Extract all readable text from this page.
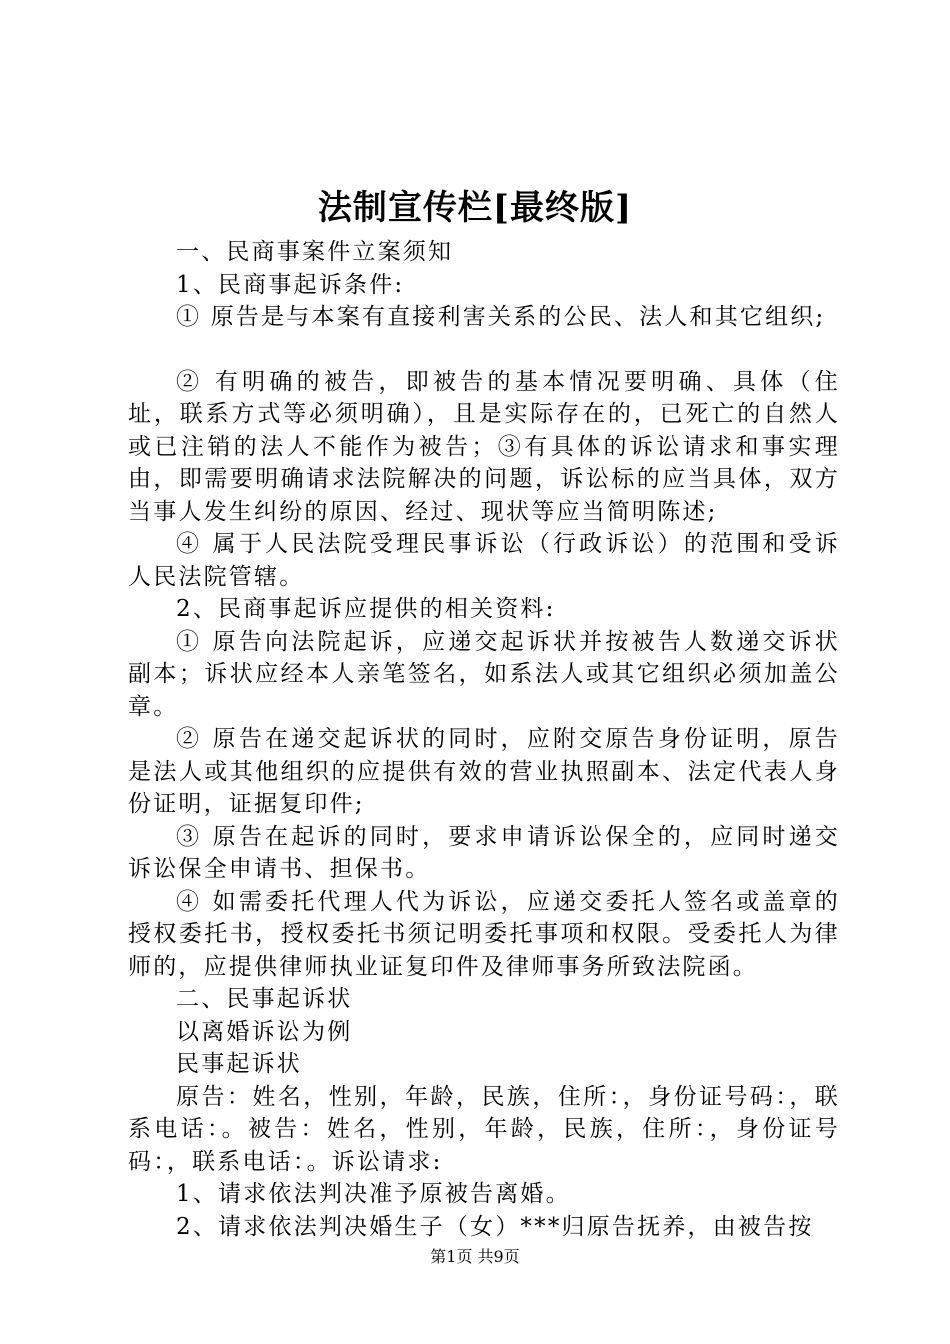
法制宣传栏[最终版]

一、民商事案件立案须知

1、民商事起诉条件:

① 原告是与本案有直接利害关系的公民、法人和其它组织;

② 有明确的被告，即被告的基本情况要明确、具体（住址，联系方式等必须明确），且是实际存在的，已死亡的自然人或已注销的法人不能作为被告；③有具体的诉讼请求和事实理由，即需要明确请求法院解决的问题，诉讼标的应当具体，双方当事人发生纠纷的原因、经过、现状等应当简明陈述;

④ 属于人民法院受理民事诉讼（行政诉讼）的范围和受诉人民法院管辖。

2、民商事起诉应提供的相关资料:

① 原告向法院起诉，应递交起诉状并按被告人数递交诉状副本；诉状应经本人亲笔签名，如系法人或其它组织必须加盖公章。

② 原告在递交起诉状的同时，应附交原告身份证明，原告是法人或其他组织的应提供有效的营业执照副本、法定代表人身份证明，证据复印件;

③ 原告在起诉的同时，要求申请诉讼保全的，应同时递交诉讼保全申请书、担保书。

④ 如需委托代理人代为诉讼，应递交委托人签名或盖章的授权委托书，授权委托书须记明委托事项和权限。受委托人为律师的，应提供律师执业证复印件及律师事务所致法院函。

二、民事起诉状

以离婚诉讼为例

民事起诉状

原告：姓名，性别，年龄，民族，住所：，身份证号码：，联系电话：。被告：姓名，性别，年龄，民族，住所：，身份证号码：，联系电话：。诉讼请求:

1、请求依法判决准予原被告离婚。

2、请求依法判决婚生子（女）***归原告抚养，由被告按

第1页 共9页
